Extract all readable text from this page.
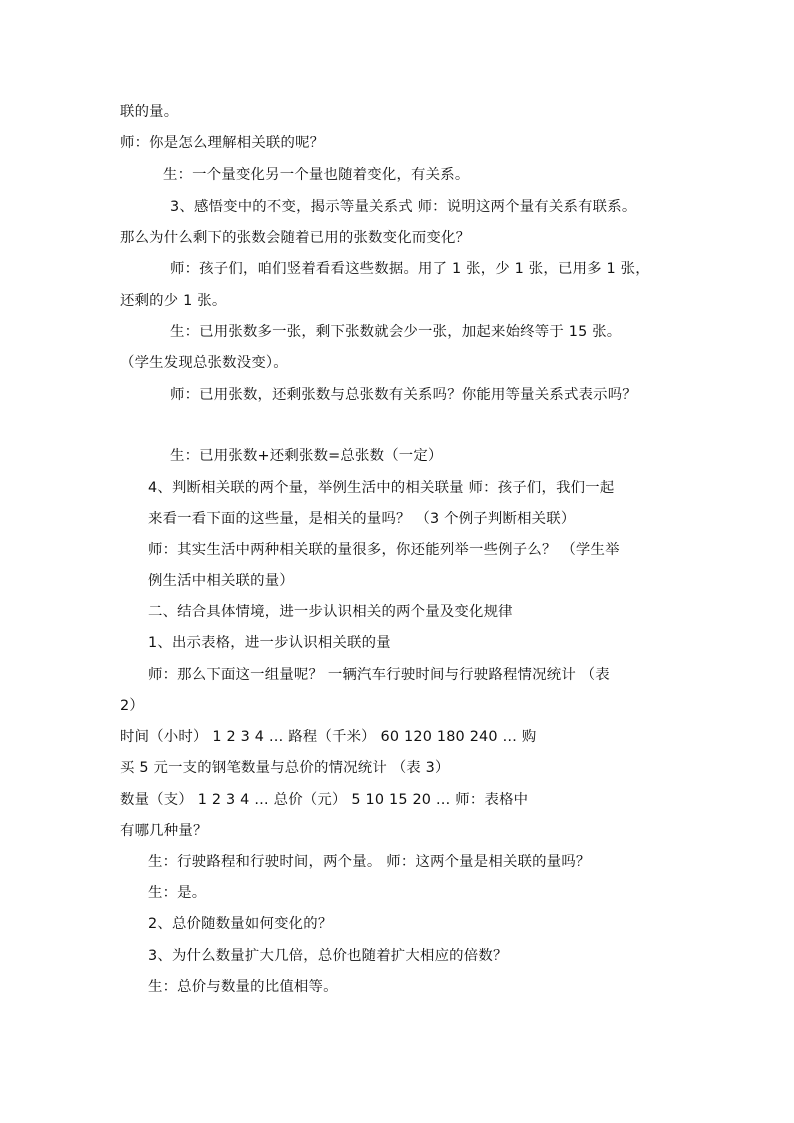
联的量。
师：你是怎么理解相关联的呢？
生：一个量变化另一个量也随着变化，有关系。
3、感悟变中的不变，揭示等量关系式 师：说明这两个量有关系有联系。
那么为什么剩下的张数会随着已用的张数变化而变化？
师：孩子们，咱们竖着看看这些数据。用了 1 张，少 1 张，已用多 1 张，
还剩的少 1 张。
生：已用张数多一张，剩下张数就会少一张，加起来始终等于 15 张。
（学生发现总张数没变）。
师：已用张数，还剩张数与总张数有关系吗？你能用等量关系式表示吗？
生：已用张数+还剩张数=总张数（一定）
4、判断相关联的两个量，举例生活中的相关联量 师：孩子们，我们一起
来看一看下面的这些量，是相关的量吗？ （3 个例子判断相关联）
师：其实生活中两种相关联的量很多，你还能列举一些例子么？ （学生举
例生活中相关联的量）
二、结合具体情境，进一步认识相关的两个量及变化规律
1、出示表格，进一步认识相关联的量
师：那么下面这一组量呢？ 一辆汽车行驶时间与行驶路程情况统计 （表
2）
时间（小时） 1 2 3 4 … 路程（千米） 60 120 180 240 … 购
买 5 元一支的钢笔数量与总价的情况统计 （表 3）
数量（支） 1 2 3 4 … 总价（元） 5 10 15 20 … 师：表格中
有哪几种量？
生：行驶路程和行驶时间，两个量。 师：这两个量是相关联的量吗？
生：是。
2、总价随数量如何变化的？
3、为什么数量扩大几倍，总价也随着扩大相应的倍数？
生：总价与数量的比值相等。
